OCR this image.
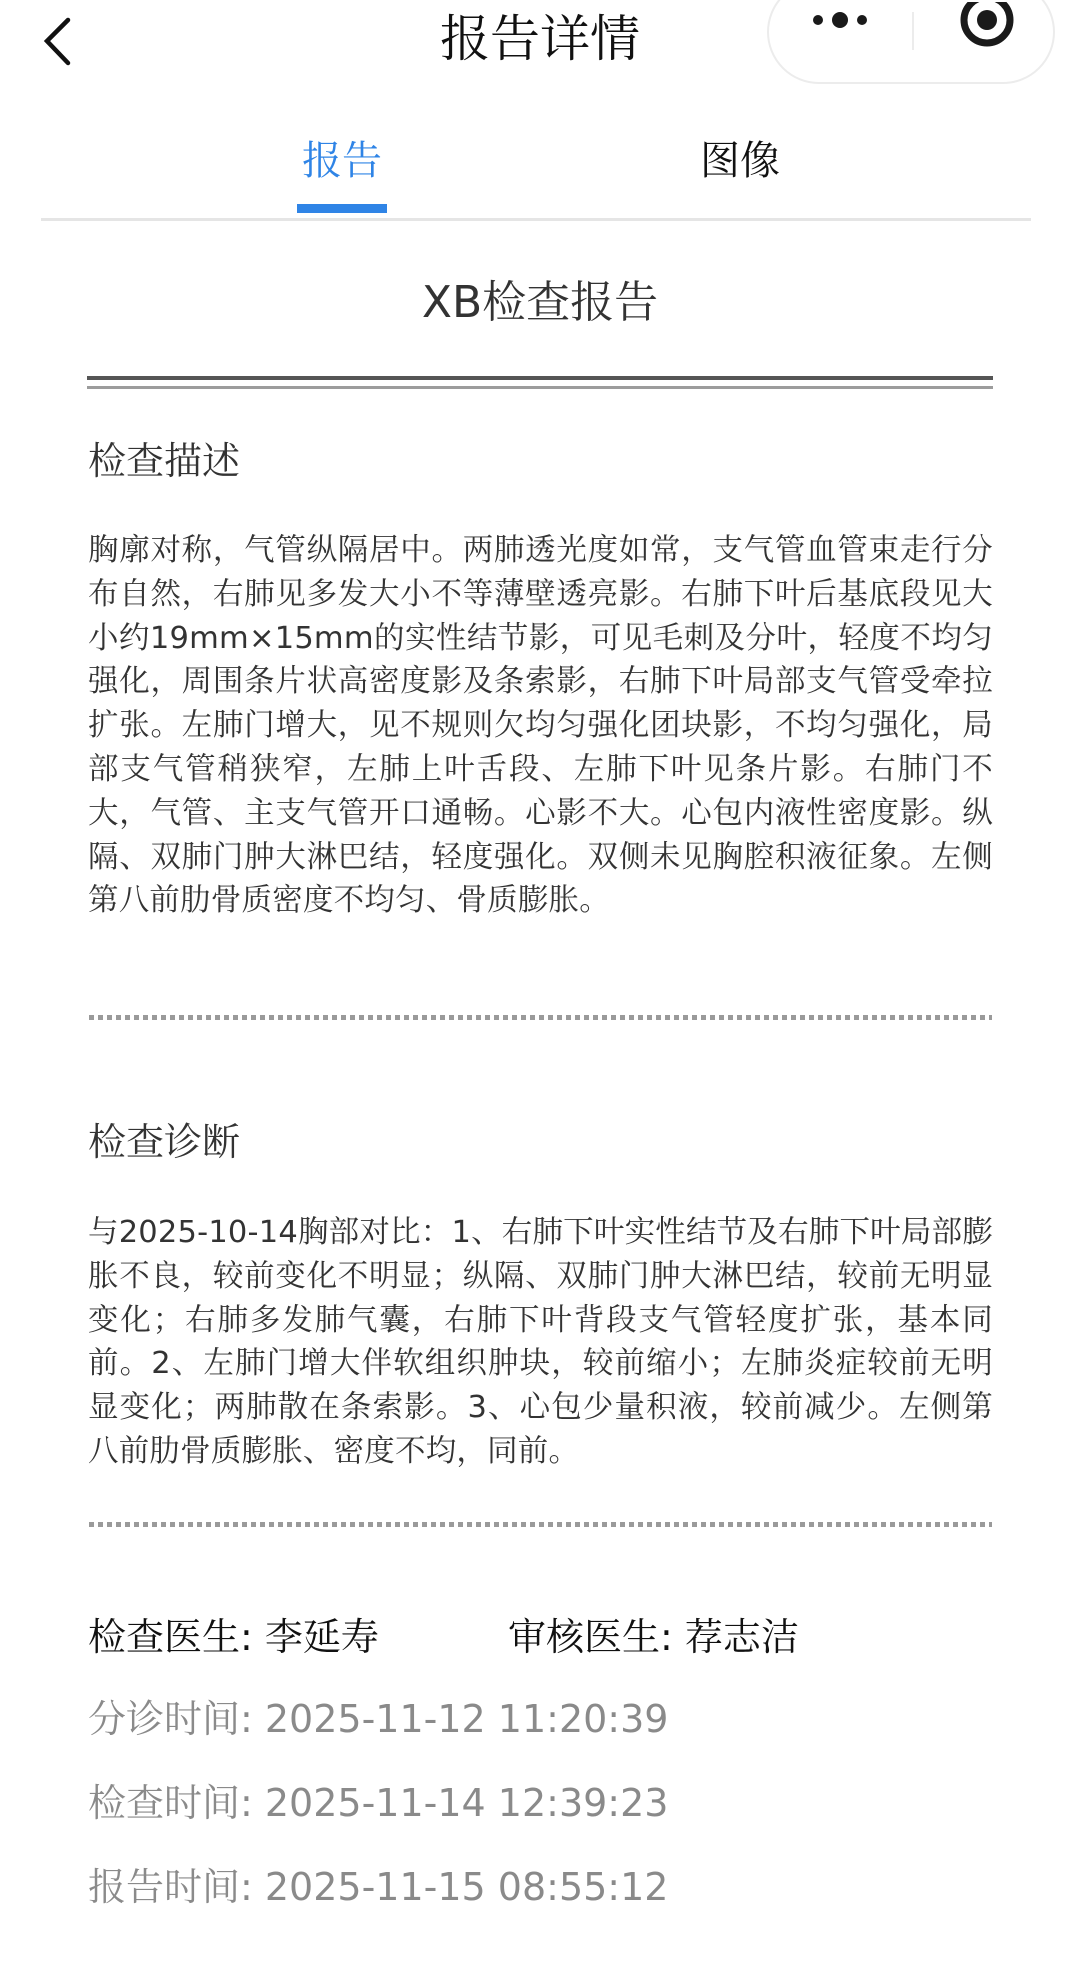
报告详情
报告	图像
XB检查报告
检查描述
胸廓对称，气管纵隔居中。两肺透光度如常，支气管血管束走行分布自然，右肺见多发大小不等薄壁透亮影。右肺下叶后基底段见大小约19mm×15mm的实性结节影，可见毛刺及分叶，轻度不均匀强化，周围条片状高密度影及条索影，右肺下叶局部支气管受牵拉扩张。左肺门增大，见不规则欠均匀强化团块影，不均匀强化，局部支气管稍狭窄，左肺上叶舌段、左肺下叶见条片影。右肺门不大，气管、主支气管开口通畅。心影不大。心包内液性密度影。纵隔、双肺门肿大淋巴结，轻度强化。双侧未见胸腔积液征象。左侧第八前肋骨质密度不均匀、骨质膨胀。
检查诊断
与2025-10-14胸部对比：1、右肺下叶实性结节及右肺下叶局部膨胀不良，较前变化不明显；纵隔、双肺门肿大淋巴结，较前无明显变化；右肺多发肺气囊，右肺下叶背段支气管轻度扩张，基本同前。2、左肺门增大伴软组织肿块，较前缩小；左肺炎症较前无明显变化；两肺散在条索影。3、心包少量积液，较前减少。左侧第八前肋骨质膨胀、密度不均，同前。
检查医生: 李延寿	审核医生: 荐志洁
分诊时间: 2025-11-12 11:20:39
检查时间: 2025-11-14 12:39:23
报告时间: 2025-11-15 08:55:12
